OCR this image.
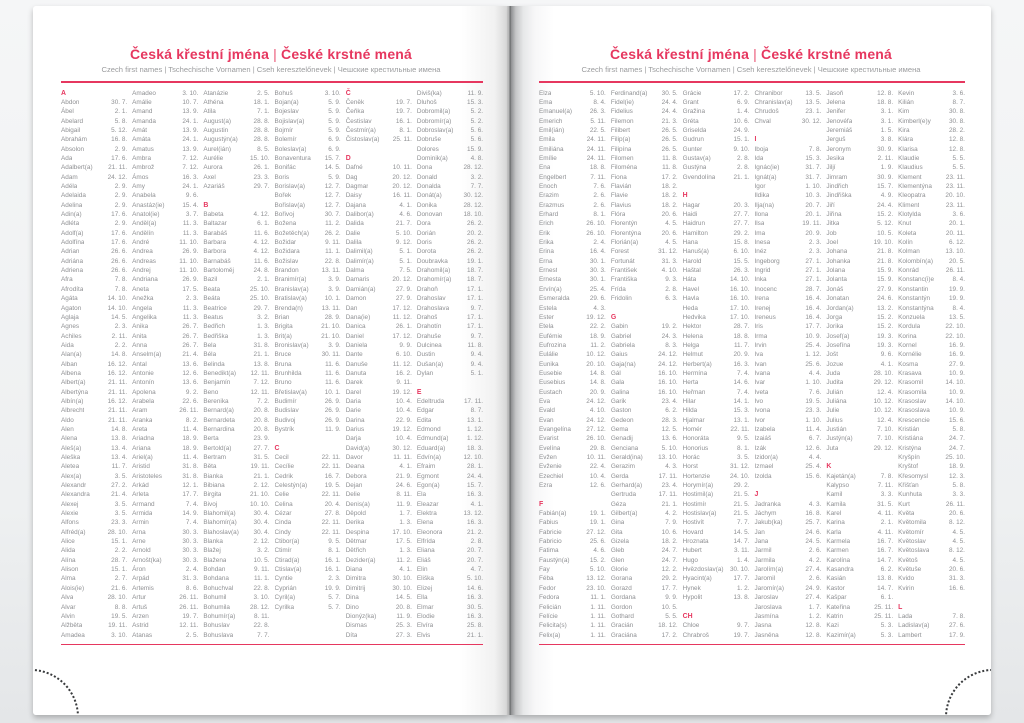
Česká křestní jména | České krstné mená
Czech first names | Tschechische Vornamen | Cseh keresztelőnevek | Чешские крестильные имена
A
Abdon	30. 7.
Ábel	2. 1.
Abelard	5. 8.
Abigail	5. 12.
Abrahám	16. 8.
Absolon	2. 9.
Ada	17. 6.
Adalbert(a) 21. 11.
Adam	24. 12.
Adéla	2. 9.
Adelaida	2. 9.
Adelina	2. 9.
Adin(a)	17. 6.
Adléta	2. 9.
Adolf(a)	17. 6.
Adolfína	17. 6.
Adrian	26. 6.
Adriána	26. 6.
Adriena	26. 6.
Afra	7. 8.
Afrodíta	7. 8.
Agáta	14. 10.
Agaton	14. 10.
Aglaja	14. 5.
Agnes	2. 3.
Achiles	2. 11.
Aida	2. 2.
Alan(a)	14. 8.
Alban	16. 12.
Albena	16. 12.
Albert(a)	21. 11.
Albertýna	21. 11.
Albín(a)	16. 12.
Albrecht	21. 11.
Aldo	21. 11.
Alen	14. 8.
Alena	13. 8.
Aleš(a)	13. 4.
Aleška	13. 4.
Aletea	11. 7.
Alex(a)	3. 5.
Alexandr	27. 2.
Alexandra	21. 4.
Alexej	3. 5.
Alexie	3. 5.
Alfons	23. 3.
Alfréd(a)	28. 10.
Alice	15. 1.
Alida	2. 2.
Alína	28. 7.
Alison	15. 1.
Alma	2. 7.
Alois(ie)	21. 6.
Alva	28. 10.
Alvar	8. 8.
Alvin	19. 5.
Alžběta	19. 11.
Amadea	3. 10.
Amadeo	3. 10.
Amálie	10. 7.
Amand	13. 9.
Amanda	24. 1.
Amát	13. 9.
Amáta	24. 1.
Amatus	13. 9.
Ambra	7. 12.
Ambrož	7. 12.
Ámos	16. 3.
Amy	24. 1.
Anabela	9. 6.
Anastáz(ie)	15. 4.
Anatol(ie)	3. 7.
Anděl(a)	11. 3.
Andělín	11. 3.
André	11. 10.
Andrea	26. 9.
Andreas	11. 10.
Andrej	11. 10.
Andriana	26. 9.
Aneta	17. 5.
Anežka	2. 3.
Angela	11. 3.
Angelika	11. 3.
Anika	26. 7.
Anita	26. 7.
Anna	26. 7.
Anselm(a)	21. 4.
Antal	13. 6.
Antonie	12. 6.
Antonín	13. 6.
Apolena	9. 2.
Arabela	22. 6.
Aram	26. 11.
Aranka	8. 2.
Areta	11. 4.
Ariadna	18. 9.
Ariana	18. 9.
Ariel(a)	11. 4.
Aristid	31. 8.
Aristoteles	31. 8.
Arkád	12. 1.
Arleta	17. 7.
Armand	7. 4.
Armida	14. 9.
Armin	7. 4.
Arna	30. 3.
Arne	30. 3.
Arnold	30. 3.
Arnošt(ka)	30. 3.
Áron	2. 4.
Arpád	31. 3.
Artemis	8. 6.
Artur	26. 11.
Artuš	26. 11.
Arzen	19. 7.
Astrid	12. 11.
Atanas	2. 5.
Atanázie	2. 5.
Athéna	18. 1.
Atila	7. 1.
August(a)	28. 8.
Augustin	28. 8.
Augustýn(a) 28. 8.
Aurel(ián)	8. 5.
Aurélie	15. 10.
Aurora	26. 1.
Axel	23. 3.
Azariáš	29. 7.

B
Babeta	4. 12.
Baltazar	6. 1.
Barabáš	11. 6.
Barbara	4. 12.
Barbora	4. 12.
Barnabáš	11. 6.
Bartoloměj	24. 8.
Bazil	2. 1.
Beata	25. 10.
Beáta	25. 10.
Beatrice	29. 7.
Beatus	3. 2.
Bedřich	1. 3.
Bedřiška	1. 3.
Bela	31. 8.
Béla	21. 1.
Belinda	13. 8.
Benedikt(a) 12. 11.
Benjamín	7. 12.
Beno	12. 11.
Berenika	7. 2.
Bernard(a)	20. 8.
Bernardeta	20. 8.
Bernardina	20. 8.
Berta	23. 9.
Bertold(a)	27. 7.
Bertram	31. 5.
Běta	19. 11.
Bianka	21. 1.
Bibiana	2. 12.
Birgita	21. 10.
Bivoj	10. 10.
Blahomil(a)	30. 4.
Blahomír(a)	30. 4.
Blahoslav(a) 30. 4.
Blanka	2. 12.
Blažej	3. 2.
Blažena	10. 5.
Bohdan	9. 11.
Bohdana	11. 1.
Bohuchval	22. 8.
Bohumil	3. 10.
Bohumila	28. 12.
Bohumír(a)	8. 11.
Bohuslav	22. 8.
Bohuslava	7. 7.
Bohuš	3. 10.
Bojan(a)	5. 9.
Bojeslav	5. 9.
Bojislav(a)	5. 9.
Bojmír	5. 9.
Bolemír	6. 9.
Boleslav(a)	6. 9.
Bonaventura 15. 7.
Bonifác	14. 5.
Boris	5. 9.
Borislav(a)	12. 7.
Bořek	12. 7.
Bořislav(a)	12. 7.
Bořivoj	30. 7.
Božena	11. 2.
Božetěch(a) 26. 2.
Božidar	9. 11.
Božidara	11. 1.
Božislav	22. 8.
Brandon	13. 11.
Branimír(a)	3. 9.
Branislav(a)	3. 9.
Bratislav(a)	10. 1.
Brenda(n)	13. 11.
Brian	28. 9.
Brigita	21. 10.
Brit(a)	21. 10.
Bronislav(a)	3. 9.
Bruce	30. 11.
Bruna	11. 6.
Brunhilda	11. 6.
Bruno	11. 6.
Břetislav(a)	10. 1.
Budimír	26. 9.
Budislav	26. 9.
Budivoj	26. 9.
Bystrík	11. 9.

C
Cecil	22. 11.
Cecílie	22. 11.
Cedrik	16. 7.
Celestýn(a)	19. 5.
Celie	22. 11.
Celina	20. 4.
Cézar	27. 8.
Cinda	22. 11.
Cindy	22. 11.
Ctibor(a)	9. 5.
Ctimír	8. 1.
Ctirad(a)	16. 1.
Ctislav(a)	16. 1.
Cyntie	2. 3.
Cyprián	19. 9.
Cyril(a)	5. 7.
Cyrilka	5. 7.

Č
Čeněk	19. 7.
Čeňka	19. 7.
Čestislav	16. 1.
Čestmír(a)	8. 1.
Čistoslav(a) 25. 11.

D
Dafné	10. 11.
Dag	20. 12.
Dagmar	20. 12.
Daisy	16. 11.
Dajana	4. 1.
Dalibor(a)	4. 6.
Dalida	21. 7.
Dalie	5. 10.
Dalila	9. 12.
Dalimil(a)	5. 1.
Dalimír(a)	5. 1.
Dalma	7. 5.
Damaris	20. 12.
Damián(a)	27. 9.
Damon	27. 9.
Dan	17. 12.
Dana(ie)	11. 12.
Danica	26. 1.
Daniel	17. 12.
Daniela	9. 9.
Dante	6. 10.
Danuše	11. 12.
Danuta	16. 2.
Darek	9. 11.
Darel	19. 12.
Daria	10. 4.
Darie	10. 4.
Darina	22. 9.
Darius	19. 12.
Darja	10. 4.
David(a)	30. 12.
Davor	11. 11.
Deana	4. 1.
Debora	21. 9.
Dejan	24. 6.
Delie	8. 11.
Denis(a)	11. 9.
Děpold	1. 7.
Derika	1. 3.
Despina	17. 10.
Dětmar	17. 5.
Dětřich	1. 3.
Dezider(a)	11. 2.
Diana	4. 1.
Dimitra	30. 10.
Dimitrij	30. 10.
Dina	14. 5.
Dino	20. 8.
Dionýz(ka)	11. 9.
Dismas	25. 3.
Díta	27. 3.
Diviš(ka)	11. 9.
Dluhoš	15. 3.
Dobromil(a)	5. 2.
Dobromír(a)	5. 2.
Dobroslav(a)	5. 6.
Dobruše	5. 6.
Dolores	15. 9.
Dominik(a)	4. 8.
Dona	28. 12.
Donald	3. 2.
Donalda	7. 7.
Donát(a)	30. 12.
Donika	28. 12.
Donovan	18. 10.
Dora	26. 2.
Dorián	20. 2.
Doris	26. 2.
Dorota	26. 2.
Doubravka	19. 1.
Drahomil(a)	18. 7.
Drahomír(a) 18. 7.
Drahoň	17. 1.
Drahoslav	17. 1.
Drahoslava	9. 7.
Drahoš	17. 1.
Drahotín	17. 1.
Drahuše	9. 7.
Dulcinea	11. 8.
Dustin	9. 4.
Dušan(a)	9. 4.
Dylan	5. 1.

E
Edeltruda	17. 11.
Edgar	8. 7.
Edita	13. 1.
Edmond	1. 12.
Edmund(a)	1. 12.
Eduard(a)	18. 3.
Edvín(a)	12. 10.
Efraim	28. 1.
Egmont	24. 4.
Egon(a)	15. 7.
Ela	16. 3.
Eleazar	4. 1.
Elektra	13. 12.
Elena	16. 3.
Eleonora	21. 2.
Elfrída	2. 8.
Eliana	20. 7.
Eliáš	20. 7.
Elin	4. 7.
Eliška	5. 10.
Elizej	14. 6.
Ella	16. 3.
Elmar	30. 5.
Elodie	16. 3.
Elvíra	25. 8.
Elvis	21. 1.
Česká křestní jména | České krstné mená
Czech first names | Tschechische Vornamen | Cseh keresztelőnevek | Чешские крестильные имена
Elza	5. 10.
Ema	8. 4.
Emanuel(a)	26. 3.
Emerich	5. 11.
Emil(ián)	22. 5.
Emila	24. 11.
Emiliána	24. 11.
Emílie	24. 11.
Ena	18. 8.
Engelbert	7. 11.
Enoch	7. 6.
Erazim	2. 6.
Erazmus	2. 6.
Erhard	8. 1.
Erich	26. 10.
Erik	26. 10.
Erika	2. 4.
Erina	16. 4.
Erna	30. 1.
Ernest	30. 3.
Ernesta	30. 1.
Ervín(a)	25. 4.
Esmeralda	29. 6.
Estela	4. 3.
Ester	19. 12.
Etela	22. 2.
Eufémie	18. 9.
Eufrozina	11. 2.
Eulálie	10. 12.
Eunika	20. 10.
Eusebie	14. 8.
Eusebius	14. 8.
Eustach	20. 9.
Eva	24. 12.
Evald	4. 10.
Evan	24. 12.
Evangelína 27. 12.
Evarist	26. 10.
Evelína	29. 8.
Evžen	10. 11.
Evženie	22. 4.
Ezechiel	10. 4.
Ezra	12. 6.

F
Fabián(a)	19. 1.
Fabius	19. 1.
Fabricie	27. 12.
Fabricio	25. 6.
Fatima	4. 6.
Faustýn(a)	15. 2.
Fay	5. 10.
Féba	13. 12.
Fedor	23. 10.
Fedora	11. 1.
Felicián	1. 11.
Felície	1. 11.
Felicita(s)	1. 11.
Felix(a)	1. 11.
Ferdinand(a) 30. 5.
Fidel(ie)	24. 4.
Fidelius	24. 4.
Filemon	21. 3.
Filibert	26. 5.
Filip(a)	26. 5.
Filipína	26. 5.
Filomen	11. 8.
Filoména	11. 8.
Fiona	17. 2.
Flavián	18. 2.
Flavie	18. 2.
Flavius	18. 2.
Flóra	20. 6.
Florentýn	4. 5.
Florentýna	20. 6.
Florián(a)	4. 5.
Forest	31. 12.
Fortunát	31. 3.
František	4. 10.
Františka	9. 3.
Frída	2. 8.
Fridolin	6. 3.

G
Gabin	19. 2.
Gabriel	24. 3.
Gabriela	8. 3.
Gaius	24. 12.
Gaja(na)	24. 12.
Gál	16. 10.
Gala	16. 10.
Galina	16. 10.
Garik	23. 4.
Gaston	6. 2.
Gedeon	28. 3.
Gema	12. 5.
Genadij	13. 6.
Genciana	5. 10.
Gerald(ina) 13. 10.
Gerazim	4. 3.
Gerda	17. 11.
Gerhard(a)	23. 4.
Gertruda	17. 11.
Géza	21. 1.
Gilbert(a)	4. 2.
Gina	7. 9.
Gita	10. 6.
Gizela	18. 2.
Gleb	24. 7.
Glen	24. 7.
Glorie	12. 2.
Gorana	29. 2.
Gorazd	17. 7.
Gordana	9. 9.
Gordon	10. 5.
Gothard	5. 5.
Gracián	18. 12.
Graciána	17. 2.
Grácie	17. 2.
Grant	6. 9.
Gražina	1. 4.
Gréta	10. 6.
Griselda	24. 9.
Gudrun	15. 1.
Gunter	9. 10.
Gustav(a)	2. 8.
Gustýna	2. 8.
Gvendolína	21. 1.

H
Hagar	20. 3.
Haidi	27. 7.
Haidrun	27. 7.
Hamilton	29. 2.
Hana	15. 8.
Hanuš(a)	6. 10.
Harold	15. 5.
Haštal	26. 3.
Háta	14. 10.
Havel	16. 10.
Havla	16. 10.
Heda	17. 10.
Hedvika	17. 10.
Hektor	28. 7.
Helena	18. 8.
Helga	11. 7.
Helmut	20. 9.
Herbert(a)	16. 3.
Hermína	7. 4.
Herta	14. 6.
Heřman	7. 4.
Hilar	14. 1.
Hilda	15. 3.
Hjalmar	13. 1.
Homér	22. 11.
Honoráta	9. 5.
Honorius	8. 1.
Horác	3. 5.
Horst	31. 12.
Hortenzie	24. 10.
Horymír(a)	29. 2.
Hostimil(a)	21. 5.
Hostimír	21. 5.
Hostislav(a)	21. 5.
Hostivít	7. 7.
Hovard	14. 5.
Hroznata	14. 7.
Hubert	3. 11.
Hugo	1. 4.
Hvězdoslav(a) 30. 10.
Hyacint(a)	17. 7.
Hynek	1. 2.
Hypolit	13. 8.

CH
Chloe	9. 7.
Chrabroš	19. 7.
Chranibor	13. 5.
Chranislav(a) 13. 5.
Chrudoš	23. 1.
Chval	30. 12.

I
Iboja	7. 8.
Ida	15. 3.
Ignác(ie)	31. 7.
Ignát(a)	31. 7.
Igor	1. 10.
Ildika	10. 3.
Ilja(na)	20. 7.
Ilona	20. 1.
Ilsa	19. 11.
Ima	20. 9.
Inesa	2. 3.
Inéz	2. 3.
Ingeborg	27. 1.
Ingrid	27. 1.
Inka	27. 1.
Inocenc	28. 7.
Irena	16. 4.
Irenej	16. 4.
Ireneus	16. 4.
Iris	17. 7.
Irma	10. 9.
Irvin	25. 4.
Iva	1. 12.
Ivan	25. 6.
Ivana	4. 4.
Ivar	1. 10.
Iveta	7. 6.
Ivo	19. 5.
Ivona	23. 3.
Ivor	1. 10.
Izabela	11. 4.
Izaiáš	6. 7.
Izák	12. 6.
Izidor(a)	4. 4.
Izmael	25. 4.
Izolda	15. 6.

J
Jadranka	4. 3.
Jáchym	16. 8.
Jakub(ka)	25. 7.
Jan	24. 6.
Jana	24. 5.
Jarmil	2. 6.
Jarmila	4. 2.
Jarolím(a)	27. 4.
Jaromil	2. 6.
Jaromír(a)	24. 9.
Jaroslav	27. 4.
Jaroslava	1. 7.
Jasmína	1. 2.
Jasna	12. 8.
Jasněna	12. 8.
Jasoň	12. 8.
Jelena	18. 8.
Jenifer	3. 1.
Jenovéfa	3. 1.
Jeremiáš	1. 5.
Jerguš	3. 8.
Jeronym	30. 9.
Jesika	2. 11.
Jiljí	1. 9.
Jimram	30. 9.
Jindřich	15. 7.
Jindřiška	4. 9.
Jiří	24. 4.
Jiřina	15. 2.
Jitka	5. 12.
Job	10. 5.
Joel	19. 10.
Johana	21. 8.
Johanka	21. 8.
Jolana	15. 9.
Jolanta	15. 9.
Jonáš	27. 9.
Jonatan	24. 6.
Jordan(a)	13. 2.
Jorga	15. 2.
Jorika	15. 2.
Josef(a)	19. 3.
Josefína	19. 3.
Jošt	9. 6.
Jozue	4. 1.
Juda	28. 10.
Judita	29. 12.
Julián	12. 4.
Juliána	10. 12.
Julie	10. 12.
Julius	12. 4.
Justián	7. 10.
Justýn(a)	7. 10.
Juta	29. 12.

K
Kajetán(a)	7. 8.
Kalypso	7. 11.
Kamil	3. 3.
Kamila	31. 5.
Karel	4. 11.
Karina	2. 1.
Karla	4. 11.
Karmela	16. 7.
Karmen	16. 7.
Karolína	14. 7.
Kasandra	6. 2.
Kasián	13. 8.
Kastor	14. 7.
Kašpar	6. 1.
Kateřina	25. 11.
Katrin	25. 11.
Kazi	5. 3.
Kazimír(a)	5. 3.
Kevin	3. 6.
Kilián	8. 7.
Kim	30. 8.
Kimberl(e)y	30. 8.
Kira	28. 2.
Klára	12. 8.
Klarisa	12. 8.
Klaudie	5. 5.
Klaudius	5. 5.
Klement	23. 11.
Klementýna 23. 11.
Kleopatra	20. 10.
Kliment	23. 11.
Klotylda	3. 6.
Knut	20. 1.
Koleta	20. 11.
Kolín	6. 12.
Kolman	13. 10.
Kolombín(a)	20. 5.
Konrád	26. 11.
Konstanc(i)e	8. 4.
Konstantin	19. 9.
Konstantýn	19. 9.
Konstantýna	8. 4.
Konzuela	13. 5.
Kordula	22. 10.
Korina	22. 10.
Kornel	16. 9.
Kornélie	16. 9.
Kosma	27. 9.
Krasava	10. 9.
Krasomil	14. 10.
Krasomila	10. 9.
Krasoslav	14. 10.
Krasoslava	10. 9.
Krescencie	15. 6.
Kristián	5. 8.
Kristiána	24. 7.
Kristýna	24. 7.
Kryšpín	25. 10.
Kryštof	18. 9.
Křesomysl	12. 3.
Křišťan	5. 8.
Kunhuta	3. 3.
Kurt	26. 11.
Květa	20. 6.
Květomila	8. 12.
Květomír	4. 5.
Květoslav	4. 5.
Květoslava	8. 12.
Květoš	4. 5.
Květuše	20. 6.
Kvido	31. 3.
Kvirin	16. 6.

L
Lada	7. 8.
Ladislav(a)	27. 6.
Lambert	17. 9.
